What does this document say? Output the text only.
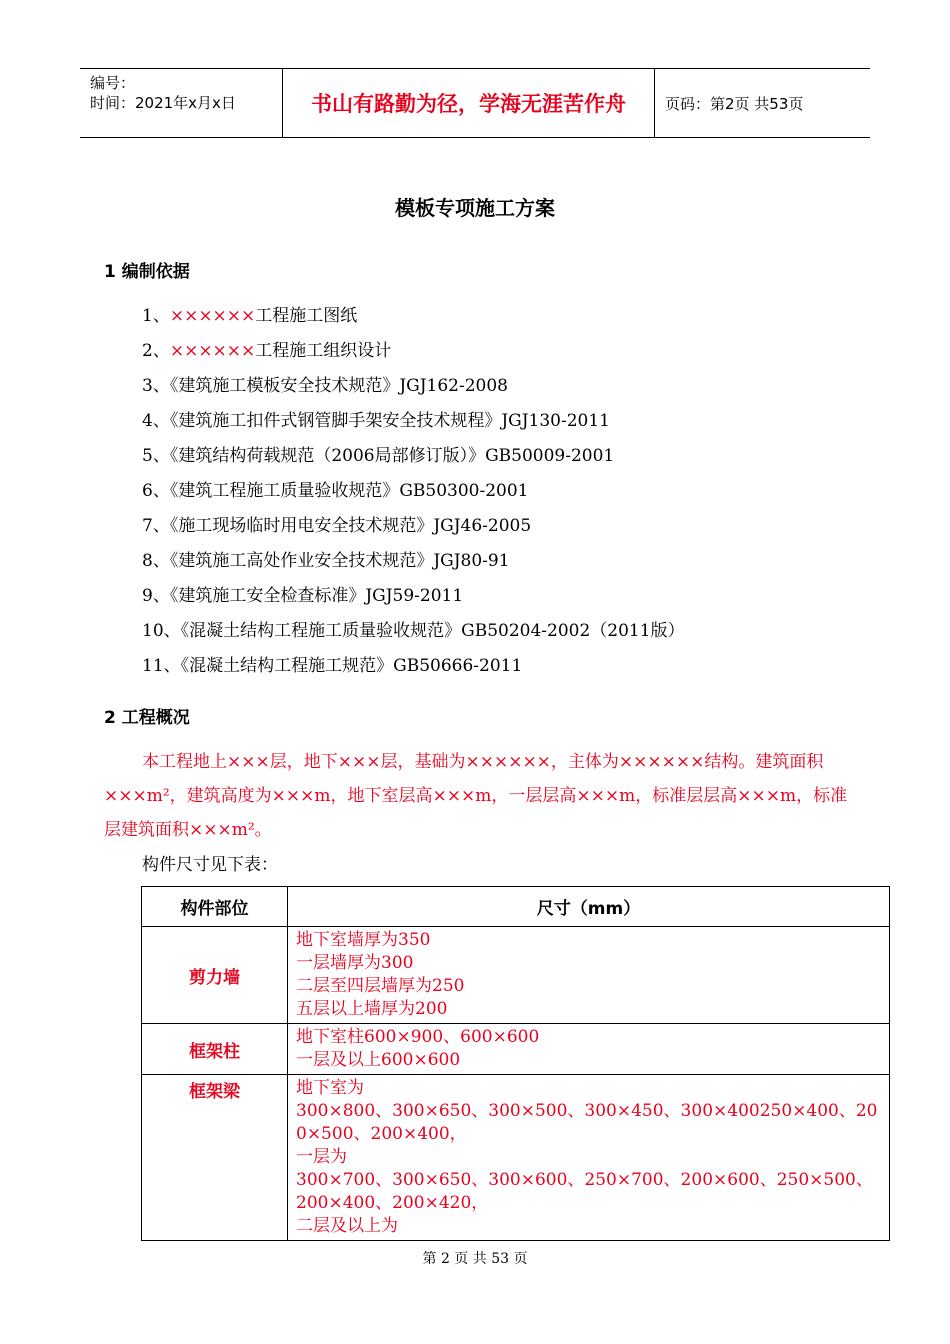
编号：
时间：2021年x月x日	书山有路勤为径，学海无涯苦作舟	页码：第2页 共53页
模板专项施工方案
1 编制依据
1、××××××工程施工图纸
2、××××××工程施工组织设计
3、《建筑施工模板安全技术规范》JGJ162-2008
4、《建筑施工扣件式钢管脚手架安全技术规程》JGJ130-2011
5、《建筑结构荷载规范（2006局部修订版）》GB50009-2001
6、《建筑工程施工质量验收规范》GB50300-2001
7、《施工现场临时用电安全技术规范》JGJ46-2005
8、《建筑施工高处作业安全技术规范》JGJ80-91
9、《建筑施工安全检查标准》JGJ59-2011
10、《混凝土结构工程施工质量验收规范》GB50204-2002（2011版）
11、《混凝土结构工程施工规范》GB50666-2011
2 工程概况
本工程地上×××层，地下×××层，基础为××××××，主体为××××××结构。建筑面积×××m²，建筑高度为×××m，地下室层高×××m，一层层高×××m，标准层层高×××m，标准层建筑面积×××m²。
构件尺寸见下表：
构件部位	尺寸（mm）
剪力墙	地下室墙厚为350
一层墙厚为300
二层至四层墙厚为250
五层以上墙厚为200

框架柱	地下室柱600×900、600×600
一层及以上600×600

框架梁	地下室为
300×800、300×650、300×500、300×450、300×400250×400、200×500、200×400，
一层为
300×700、300×650、300×600、250×700、200×600、250×500、200×400、200×420，
二层及以上为
第 2 页 共 53 页
